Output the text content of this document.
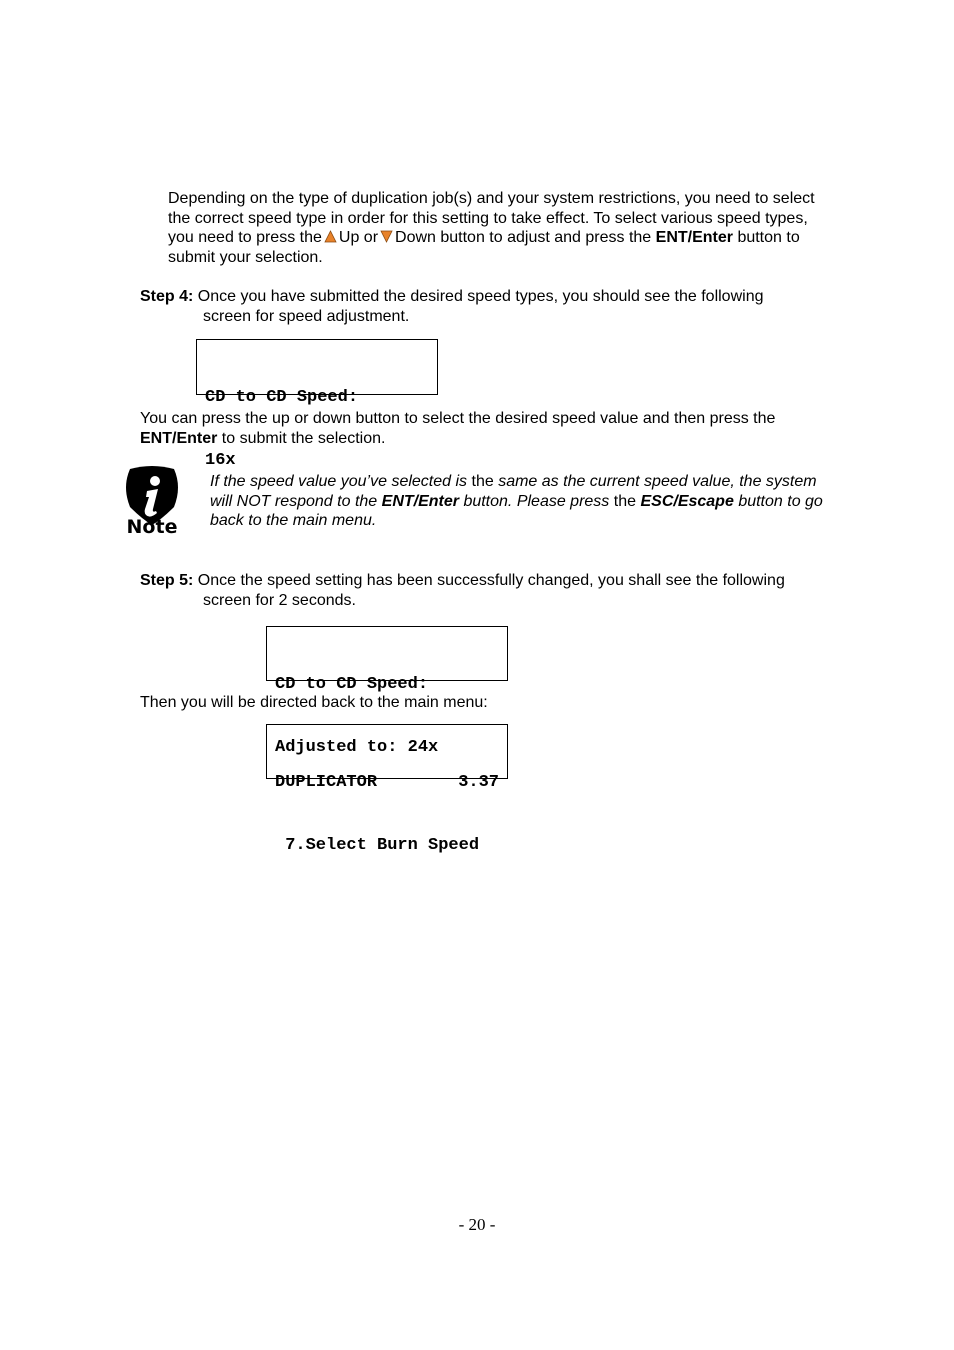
Depending on the type of duplication job(s) and your system restrictions, you need to select the correct speed type in order for this setting to take effect. To select various speed types, you need to press the Up or Down button to adjust and press the ENT/Enter button to submit your selection.
Step 4: Once you have submitted the desired speed types, you should see the following
screen for speed adjustment.

CD to CD Speed:

16x

You can press the up or down button to select the desired speed value and then press the ENT/Enter to submit the selection.
Note
If the speed value you’ve selected is the same as the current speed value, the system will NOT respond to the ENT/Enter button. Please press the ESC/Escape button to go back to the main menu.
Step 5: Once the speed setting has been successfully changed, you shall see the following
screen for 2 seconds.

CD to CD Speed:

Adjusted to: 24x

Then you will be directed back to the main menu:

DUPLICATOR	3.37

7.Select Burn Speed

- 20 -
